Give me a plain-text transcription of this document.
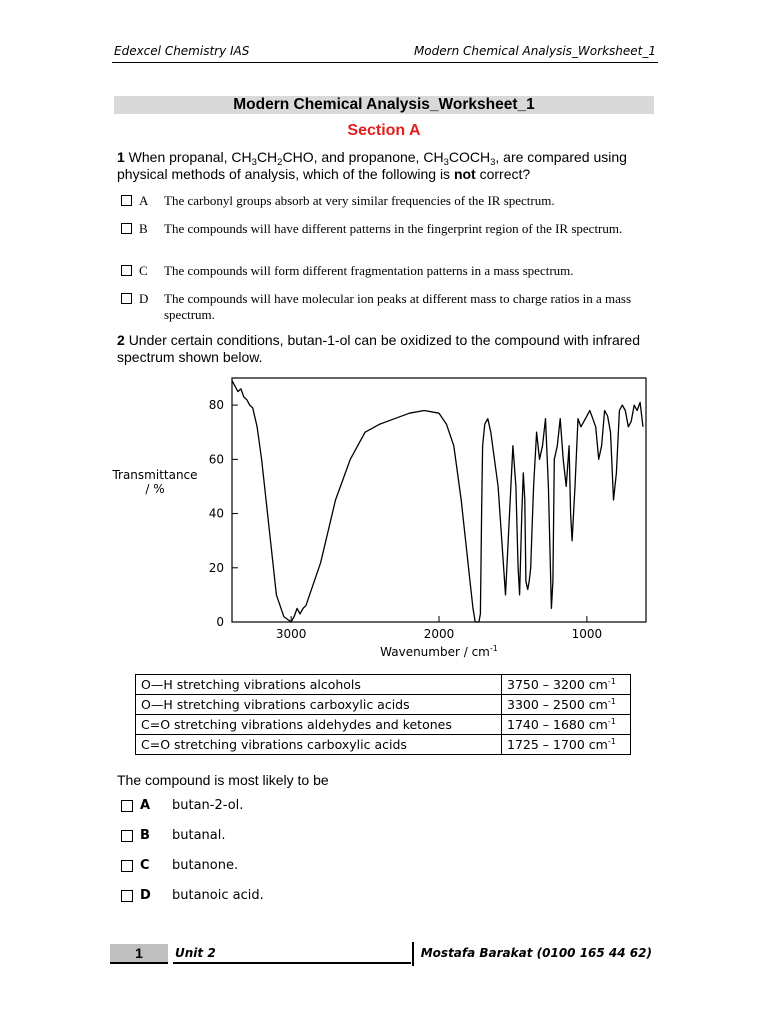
Edexcel Chemistry IAS	Modern Chemical Analysis_Worksheet_1
Modern Chemical Analysis_Worksheet_1
Section A
1 When propanal, $CH_3CH_2CHO$, and propanone, $CH_3COCH_3$, are compared using physical methods of analysis, which of the following is not correct?
A The carbonyl groups absorb at very similar frequencies of the IR spectrum.
B The compounds will have different patterns in the fingerprint region of the IR spectrum.
C The compounds will form different fragmentation patterns in a mass spectrum.
D The compounds will have molecular ion peaks at different mass to charge ratios in a mass spectrum.
2 Under certain conditions, butan-1-ol can be oxidized to the compound with infrared spectrum shown below.
0
20
40
60
80
3000	2000	1000
Transmittance
/ %
Wavenumber / $cm^{-1}$
O—H stretching vibrations alcohols	3750 – 3200 $cm^{-1}$
O—H stretching vibrations carboxylic acids	3300 – 2500 $cm^{-1}$
C=O stretching vibrations aldehydes and ketones	1740 – 1680 $cm^{-1}$
C=O stretching vibrations carboxylic acids	1725 – 1700 $cm^{-1}$
The compound is most likely to be
A butan-2-ol.
B butanal.
C butanone.
D butanoic acid.
1	Unit 2	Mostafa Barakat (0100 165 44 62)
